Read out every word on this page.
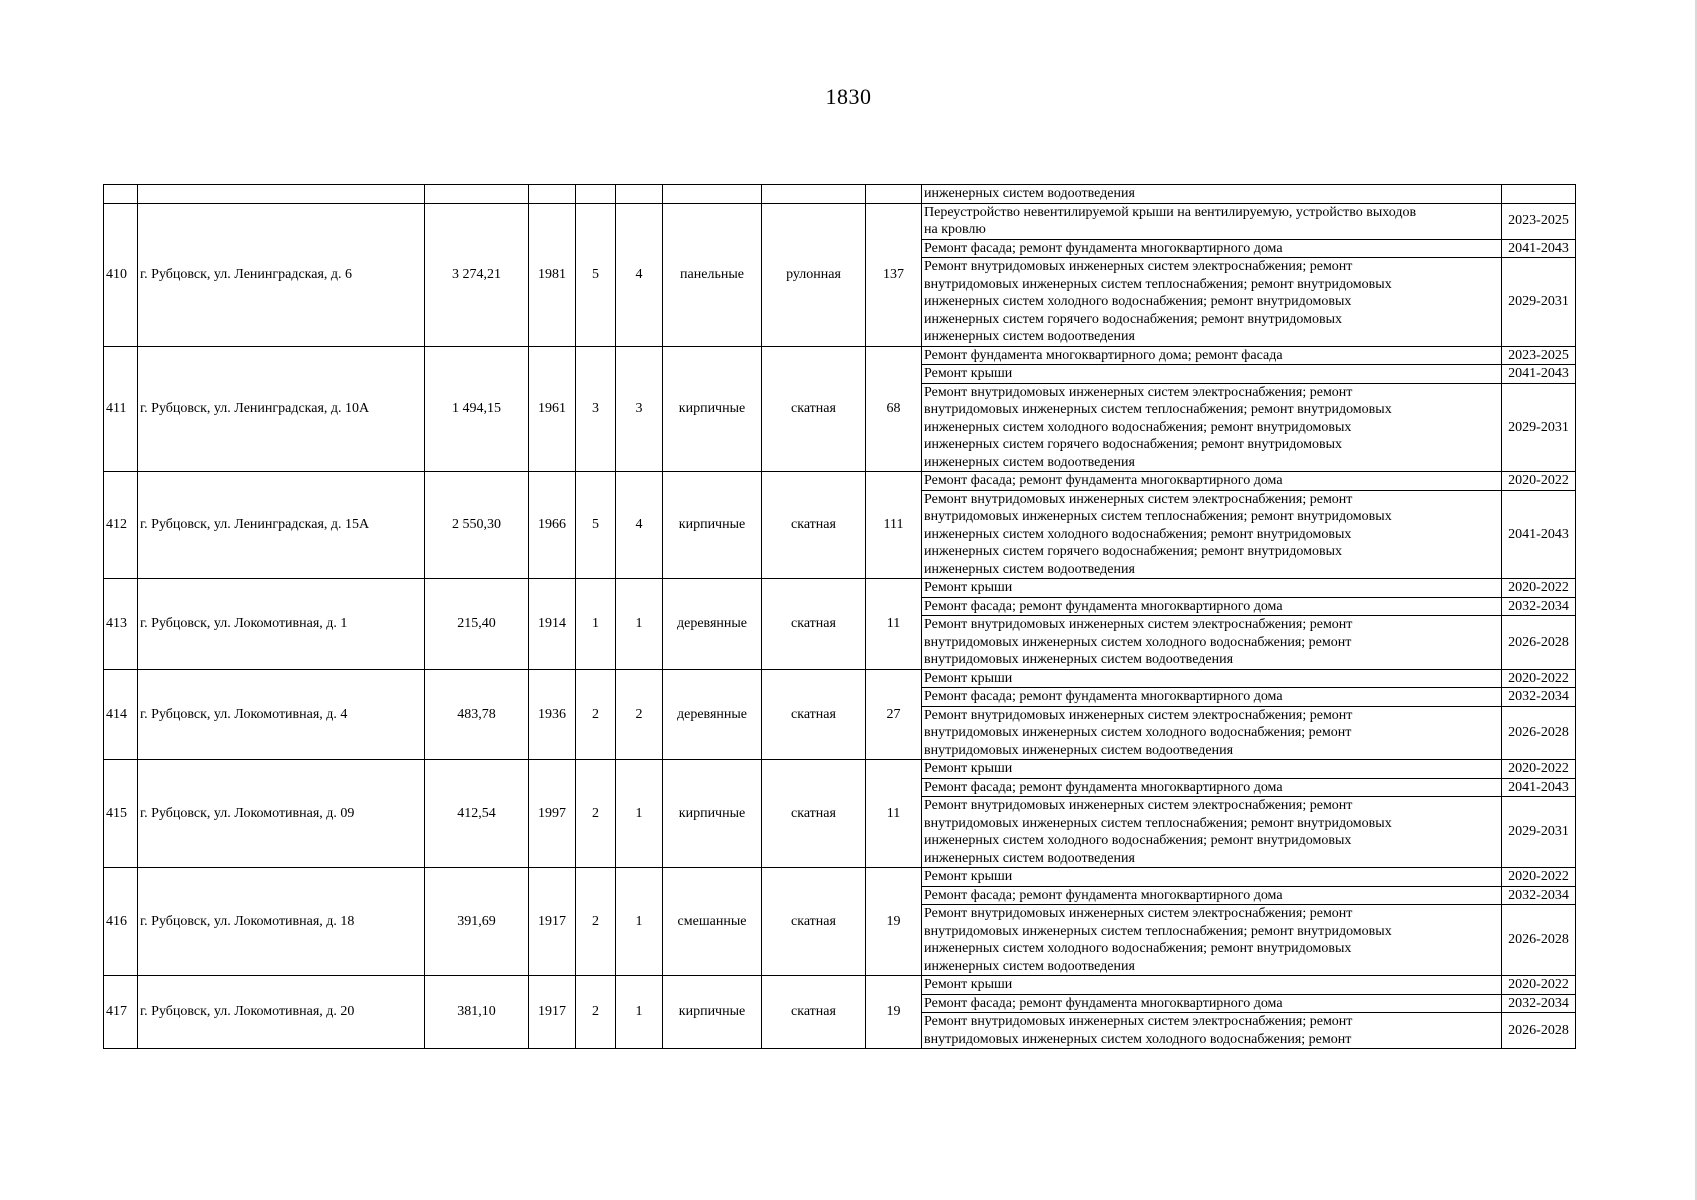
1830
									инженерных систем водоотведения	
410	г. Рубцовск, ул. Ленинградская, д. 6	3 274,21	1981	5	4	панельные	рулонная	137	Переустройство невентилируемой крыши на вентилируемую, устройство выходов
на кровлю	2023-2025

									Ремонт фасада; ремонт фундамента многоквартирного дома	2041-2043

									Ремонт внутридомовых инженерных систем электроснабжения; ремонт
внутридомовых инженерных систем теплоснабжения; ремонт внутридомовых
инженерных систем холодного водоснабжения; ремонт внутридомовых
инженерных систем горячего водоснабжения; ремонт внутридомовых
инженерных систем водоотведения	2029-2031
411	г. Рубцовск, ул. Ленинградская, д. 10А	1 494,15	1961	3	3	кирпичные	скатная	68	Ремонт фундамента многоквартирного дома; ремонт фасада	2023-2025

									Ремонт крыши	2041-2043

									Ремонт внутридомовых инженерных систем электроснабжения; ремонт
внутридомовых инженерных систем теплоснабжения; ремонт внутридомовых
инженерных систем холодного водоснабжения; ремонт внутридомовых
инженерных систем горячего водоснабжения; ремонт внутридомовых
инженерных систем водоотведения	2029-2031
412	г. Рубцовск, ул. Ленинградская, д. 15А	2 550,30	1966	5	4	кирпичные	скатная	111	Ремонт фасада; ремонт фундамента многоквартирного дома	2020-2022

									Ремонт внутридомовых инженерных систем электроснабжения; ремонт
внутридомовых инженерных систем теплоснабжения; ремонт внутридомовых
инженерных систем холодного водоснабжения; ремонт внутридомовых
инженерных систем горячего водоснабжения; ремонт внутридомовых
инженерных систем водоотведения	2041-2043
413	г. Рубцовск, ул. Локомотивная, д. 1	215,40	1914	1	1	деревянные	скатная	11	Ремонт крыши	2020-2022

									Ремонт фасада; ремонт фундамента многоквартирного дома	2032-2034

									Ремонт внутридомовых инженерных систем электроснабжения; ремонт
внутридомовых инженерных систем холодного водоснабжения; ремонт
внутридомовых инженерных систем водоотведения	2026-2028
414	г. Рубцовск, ул. Локомотивная, д. 4	483,78	1936	2	2	деревянные	скатная	27	Ремонт крыши	2020-2022

									Ремонт фасада; ремонт фундамента многоквартирного дома	2032-2034

									Ремонт внутридомовых инженерных систем электроснабжения; ремонт
внутридомовых инженерных систем холодного водоснабжения; ремонт
внутридомовых инженерных систем водоотведения	2026-2028
415	г. Рубцовск, ул. Локомотивная, д. 09	412,54	1997	2	1	кирпичные	скатная	11	Ремонт крыши	2020-2022

									Ремонт фасада; ремонт фундамента многоквартирного дома	2041-2043

									Ремонт внутридомовых инженерных систем электроснабжения; ремонт
внутридомовых инженерных систем теплоснабжения; ремонт внутридомовых
инженерных систем холодного водоснабжения; ремонт внутридомовых
инженерных систем водоотведения	2029-2031
416	г. Рубцовск, ул. Локомотивная, д. 18	391,69	1917	2	1	смешанные	скатная	19	Ремонт крыши	2020-2022

									Ремонт фасада; ремонт фундамента многоквартирного дома	2032-2034

									Ремонт внутридомовых инженерных систем электроснабжения; ремонт
внутридомовых инженерных систем теплоснабжения; ремонт внутридомовых
инженерных систем холодного водоснабжения; ремонт внутридомовых
инженерных систем водоотведения	2026-2028
417	г. Рубцовск, ул. Локомотивная, д. 20	381,10	1917	2	1	кирпичные	скатная	19	Ремонт крыши	2020-2022

									Ремонт фасада; ремонт фундамента многоквартирного дома	2032-2034

									Ремонт внутридомовых инженерных систем электроснабжения; ремонт
внутридомовых инженерных систем холодного водоснабжения; ремонт	2026-2028
